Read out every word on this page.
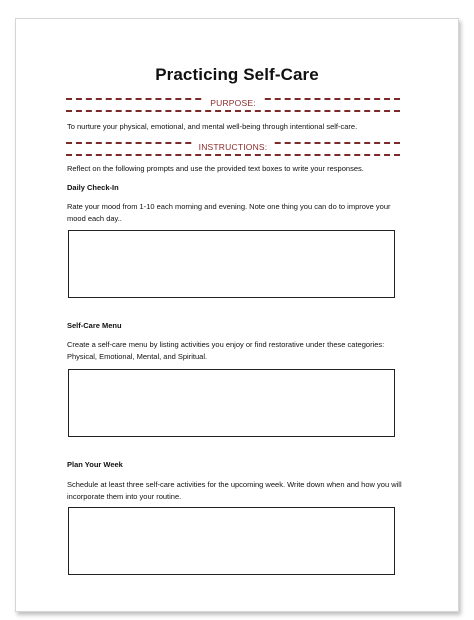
Practicing Self-Care
PURPOSE:
To nurture your physical, emotional, and mental well-being through intentional self-care.
INSTRUCTIONS:
Reflect on the following prompts and use the provided text boxes to write your responses.
Daily Check-In
Rate your mood from 1-10 each morning and evening. Note one thing you can do to improve your mood each day..
Self-Care Menu
Create a self-care menu by listing activities you enjoy or find restorative under these categories: Physical, Emotional, Mental, and Spiritual.
Plan Your Week
Schedule at least three self-care activities for the upcoming week. Write down when and how you will incorporate them into your routine.
